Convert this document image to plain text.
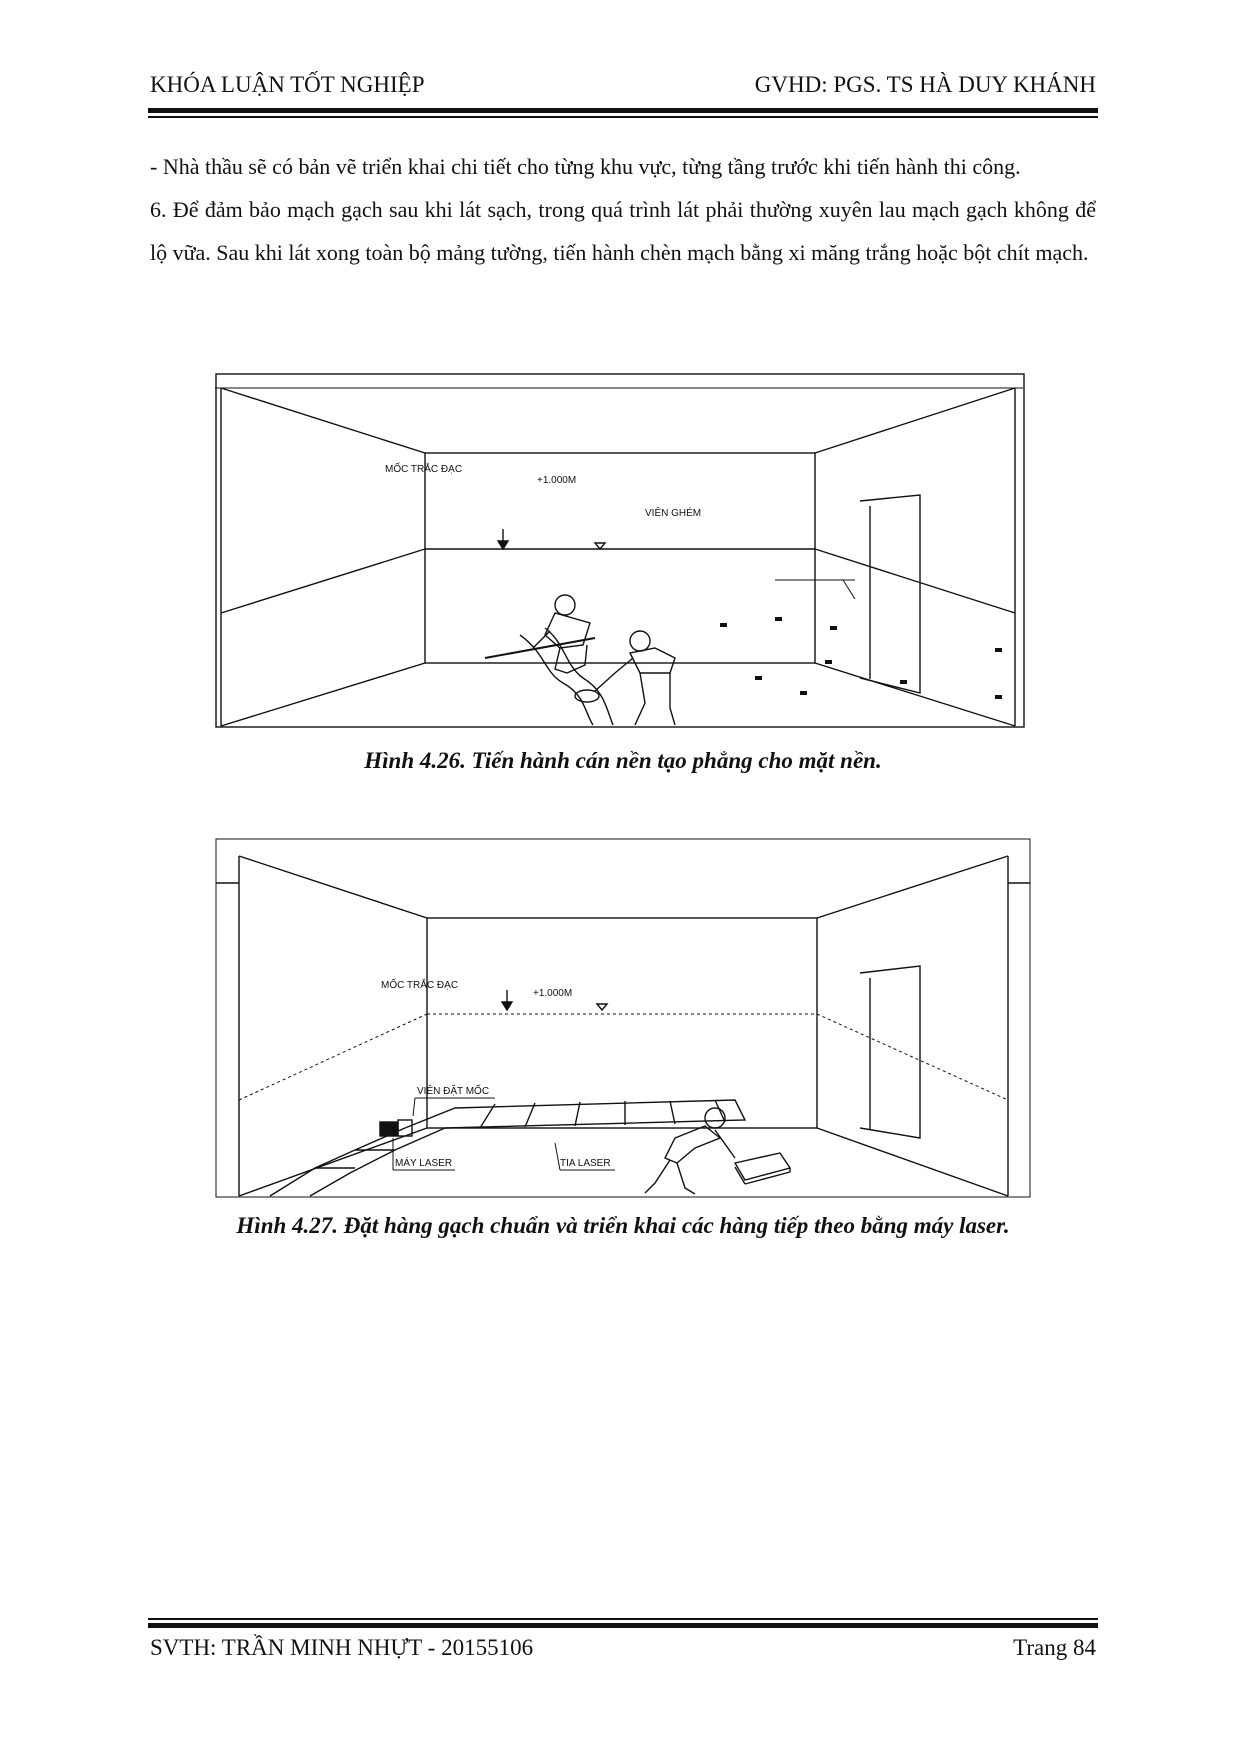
KHÓA LUẬN TỐT NGHIỆP	GVHD: PGS. TS HÀ DUY KHÁNH

- Nhà thầu sẽ có bản vẽ triển khai chi tiết cho từng khu vực, từng tầng trước khi tiến hành thi công.

6. Để đảm bảo mạch gạch sau khi lát sạch, trong quá trình lát phải thường xuyên lau mạch gạch không để lộ vữa. Sau khi lát xong toàn bộ mảng tường, tiến hành chèn mạch bằng xi măng trắng hoặc bột chít mạch.

MỐC TRẮC ĐẠC
+1.000M
VIÊN GHÉM
Hình 4.26. Tiến hành cán nền tạo phẳng cho mặt nền.
MỐC TRẮC ĐẠC
+1.000M
VIÊN ĐẶT MỐC
MÁY LASER	TIA LASER
Hình 4.27. Đặt hàng gạch chuẩn và triển khai các hàng tiếp theo bằng máy laser.
SVTH: TRẦN MINH NHỰT - 20155106	Trang 84
